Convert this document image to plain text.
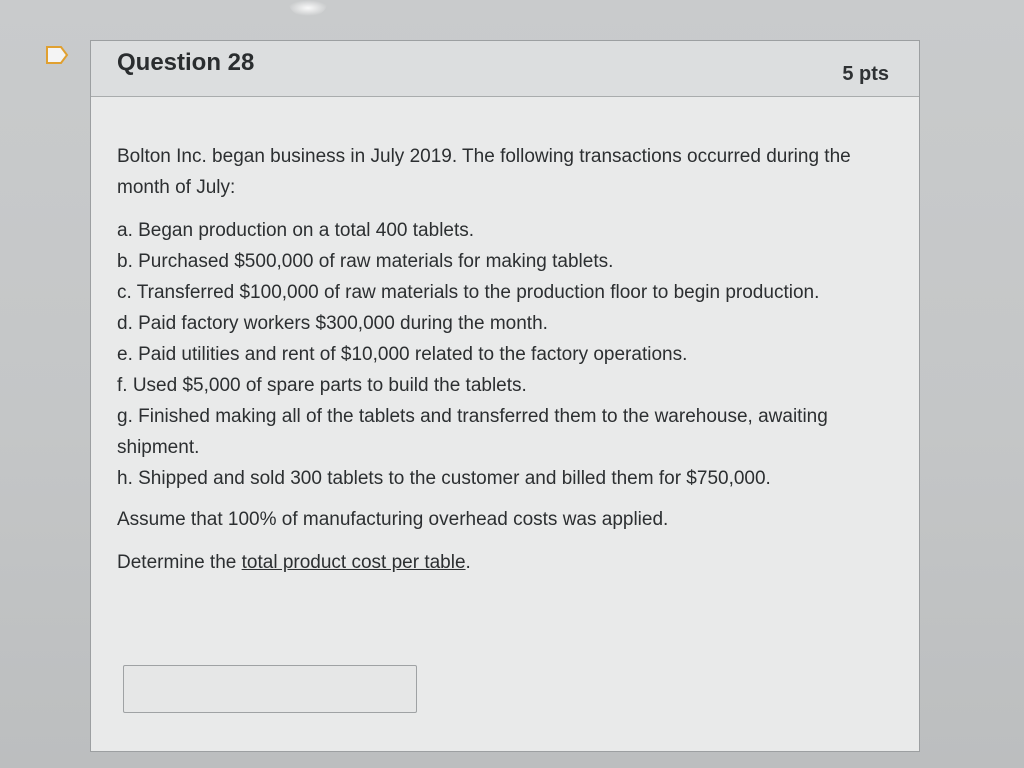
Question 28	5 pts

Bolton Inc. began business in July 2019. The following transactions occurred during the month of July:

a. Began production on a total 400 tablets.
b. Purchased $500,000 of raw materials for making tablets.
c. Transferred $100,000 of raw materials to the production floor to begin production.
d. Paid factory workers $300,000 during the month.
e. Paid utilities and rent of $10,000 related to the factory operations.
f. Used $5,000 of spare parts to build the tablets.
g. Finished making all of the tablets and transferred them to the warehouse, awaiting shipment.
h. Shipped and sold 300 tablets to the customer and billed them for $750,000.

Assume that 100% of manufacturing overhead costs was applied.

Determine the total product cost per table.
